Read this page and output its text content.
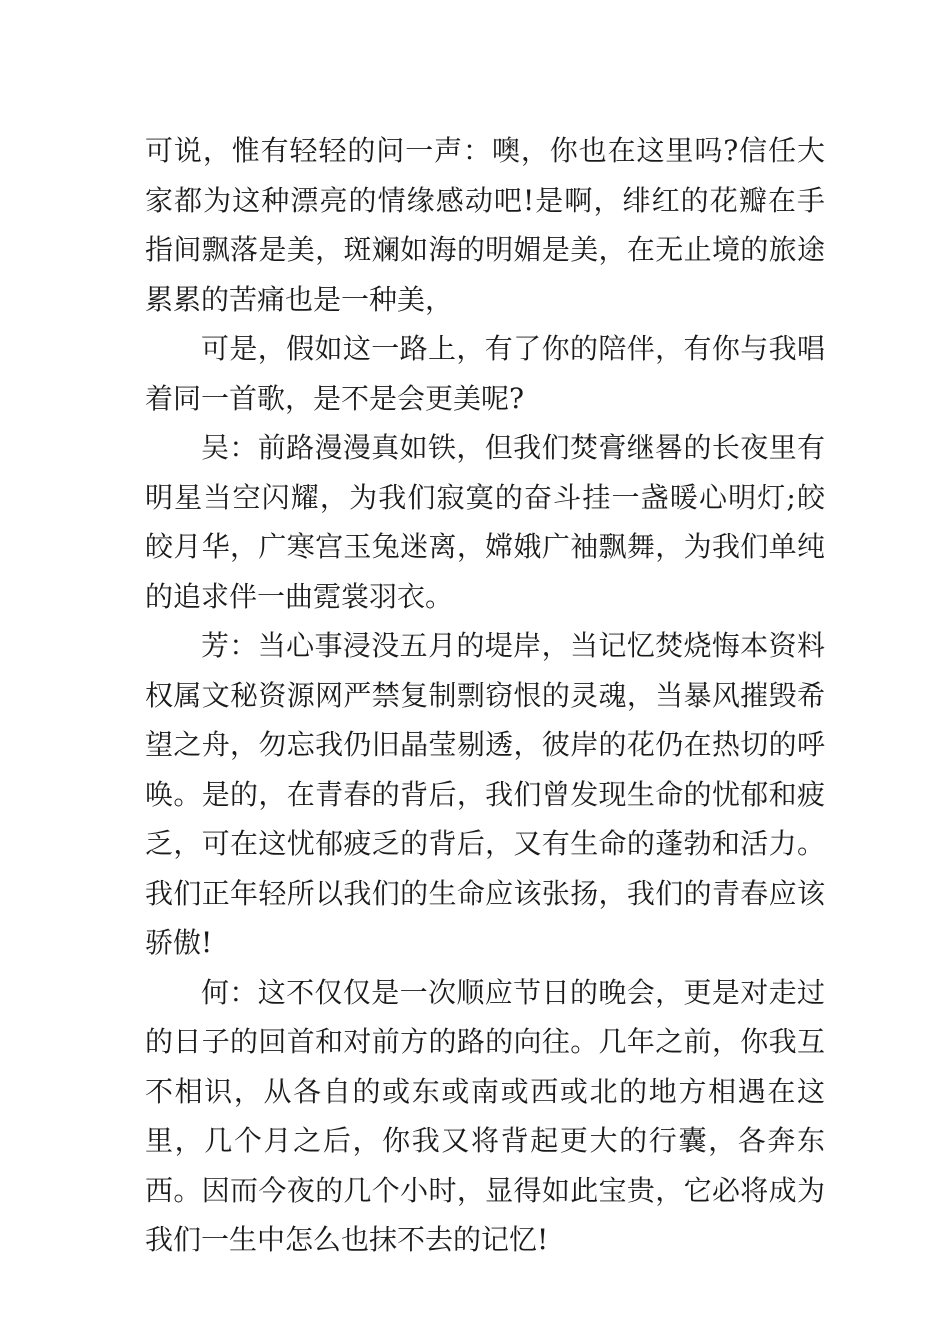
可说，惟有轻轻的问一声：噢，你也在这里吗?信任大家都为这种漂亮的情缘感动吧!是啊，绯红的花瓣在手指间飘落是美，斑斓如海的明媚是美，在无止境的旅途累累的苦痛也是一种美，

可是，假如这一路上，有了你的陪伴，有你与我唱着同一首歌，是不是会更美呢?

吴：前路漫漫真如铁，但我们焚膏继晷的长夜里有明星当空闪耀，为我们寂寞的奋斗挂一盏暖心明灯;皎皎月华，广寒宫玉兔迷离，嫦娥广袖飘舞，为我们单纯的追求伴一曲霓裳羽衣。

芳：当心事浸没五月的堤岸，当记忆焚烧悔本资料权属文秘资源网严禁复制剽窃恨的灵魂，当暴风摧毁希望之舟，勿忘我仍旧晶莹剔透，彼岸的花仍在热切的呼唤。是的，在青春的背后，我们曾发现生命的忧郁和疲乏，可在这忧郁疲乏的背后，又有生命的蓬勃和活力。我们正年轻所以我们的生命应该张扬，我们的青春应该骄傲!

何：这不仅仅是一次顺应节日的晚会，更是对走过的日子的回首和对前方的路的向往。几年之前，你我互不相识，从各自的或东或南或西或北的地方相遇在这里，几个月之后，你我又将背起更大的行囊，各奔东西。因而今夜的几个小时，显得如此宝贵，它必将成为我们一生中怎么也抹不去的记忆!
